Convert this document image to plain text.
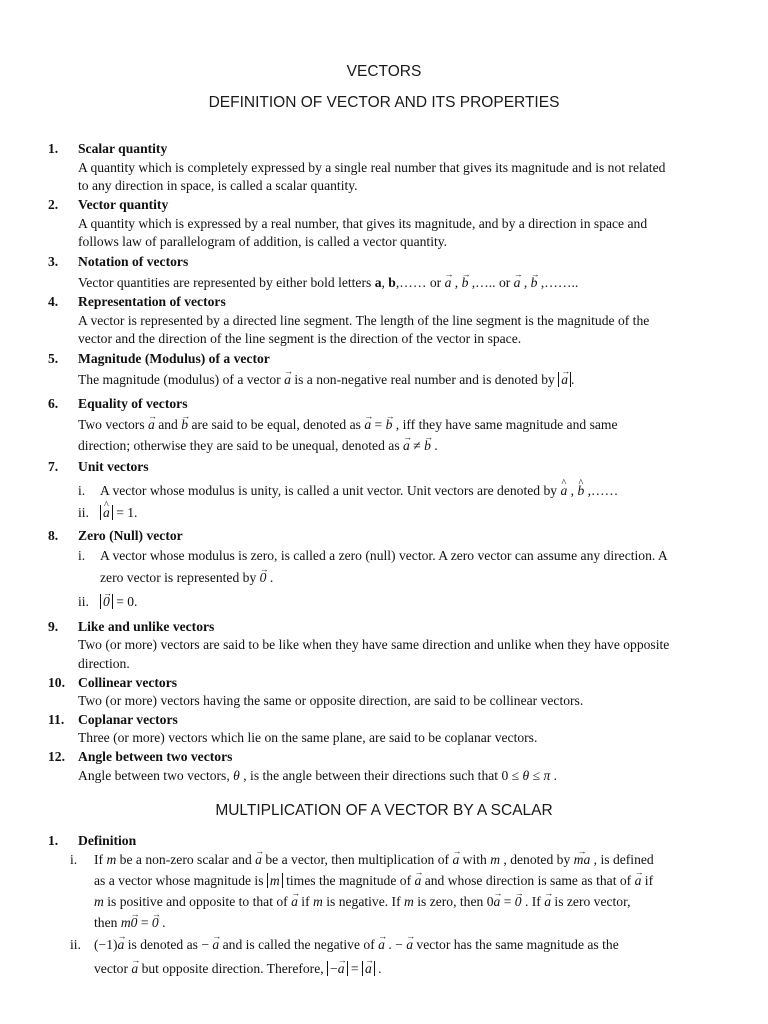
VECTORS
DEFINITION OF VECTOR AND ITS PROPERTIES
1. Scalar quantity
A quantity which is completely expressed by a single real number that gives its magnitude and is not related
to any direction in space, is called a scalar quantity.
2. Vector quantity
A quantity which is expressed by a real number, that gives its magnitude, and by a direction in space and
follows law of parallelogram of addition, is called a vector quantity.
3. Notation of vectors
Vector quantities are represented by either bold letters a, b,…… or → a , → b ,….. or → a , → b ,……..
4. Representation of vectors
A vector is represented by a directed line segment. The length of the line segment is the magnitude of the
vector and the direction of the line segment is the direction of the vector in space.
5. Magnitude (Modulus) of a vector
The magnitude (modulus) of a vector → a is a non-negative real number and is denoted by → a .
6. Equality of vectors
Two vectors → a and → b are said to be equal, denoted as → a = → b , iff they have same magnitude and same
direction; otherwise they are said to be unequal, denoted as → a ≠ → b .
7. Unit vectors
i. A vector whose modulus is unity, is called a unit vector. Unit vectors are denoted by ^ a , ^ b ,……
ii. ^ a = 1.
8. Zero (Null) vector
i. A vector whose modulus is zero, is called a zero (null) vector. A zero vector can assume any direction. A
zero vector is represented by → 0 .
ii. → 0 = 0.
9. Like and unlike vectors
Two (or more) vectors are said to be like when they have same direction and unlike when they have opposite
direction.
10. Collinear vectors
Two (or more) vectors having the same or opposite direction, are said to be collinear vectors.
11. Coplanar vectors
Three (or more) vectors which lie on the same plane, are said to be coplanar vectors.
12. Angle between two vectors
Angle between two vectors, θ , is the angle between their directions such that 0 ≤ θ ≤ π .
MULTIPLICATION OF A VECTOR BY A SCALAR
1. Definition
i. If m be a non-zero scalar and → a be a vector, then multiplication of → a with m , denoted by → ma , is defined
as a vector whose magnitude is m times the magnitude of → a and whose direction is same as that of → a if
m is positive and opposite to that of → a if m is negative. If m is zero, then 0→ a = → 0 . If → a is zero vector,
then m→ 0 = → 0 .
ii. (−1)→ a is denoted as − → a and is called the negative of → a . − → a vector has the same magnitude as the
vector → a but opposite direction. Therefore, −→ a = → a .
